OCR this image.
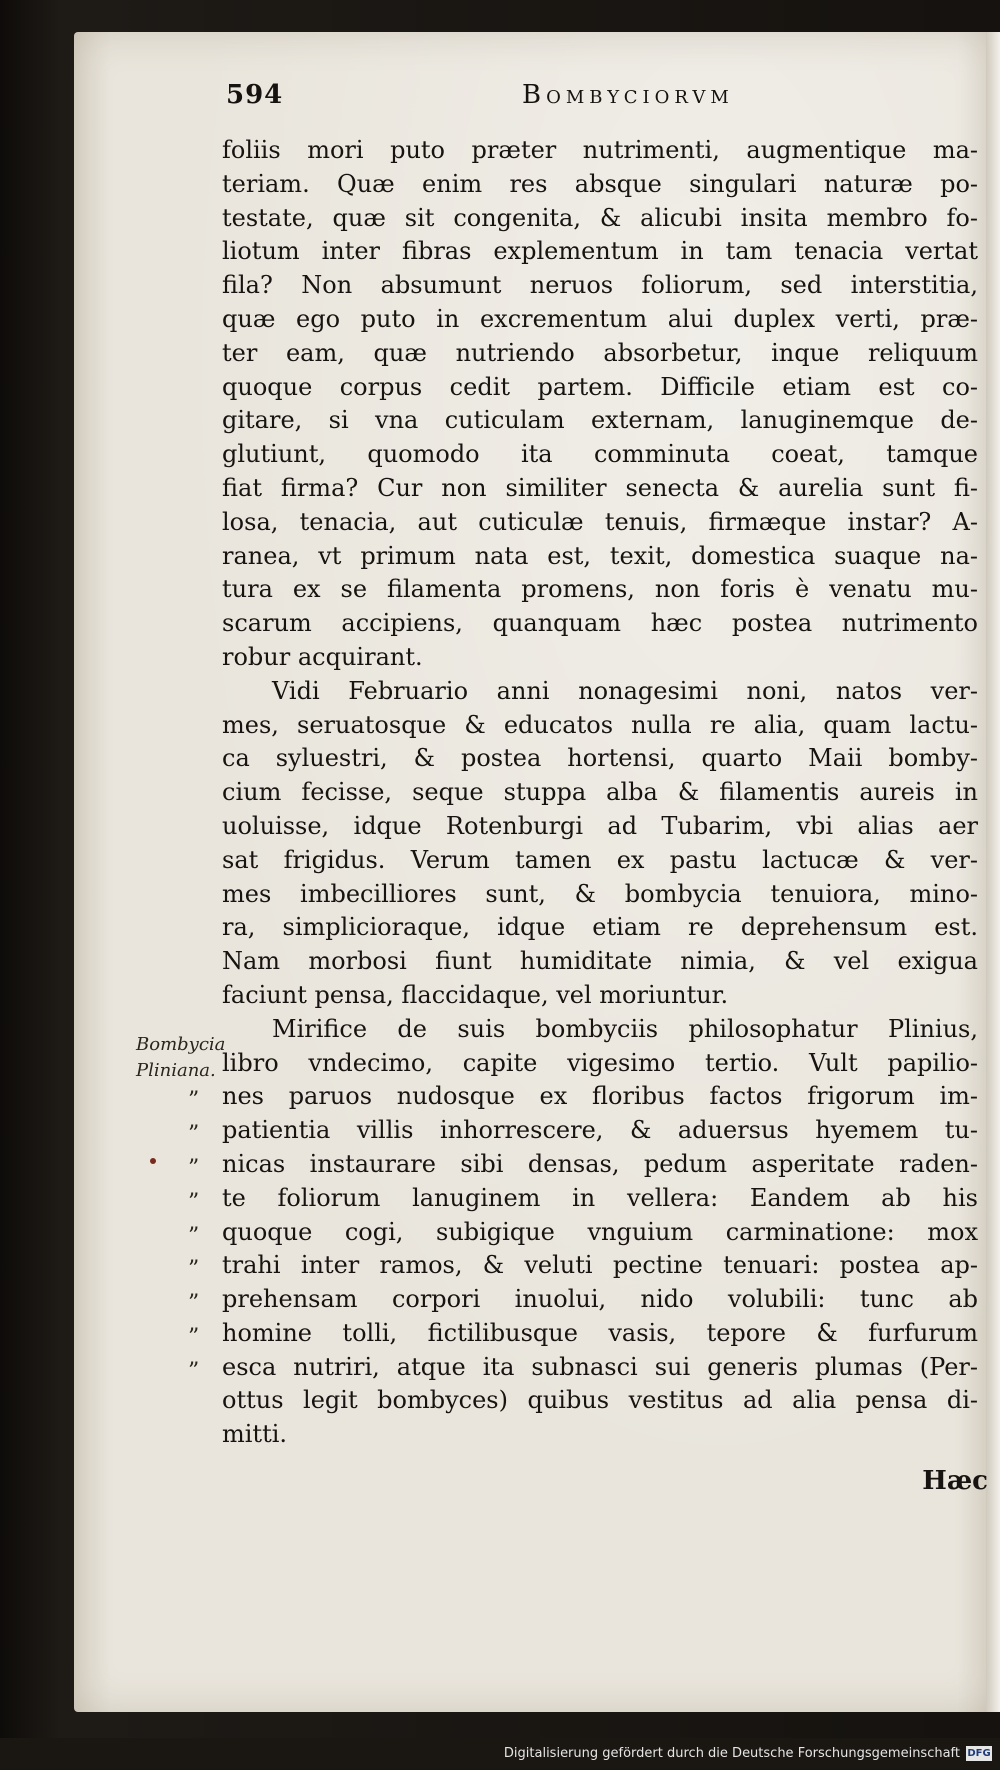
594	Bombyciorvm
foliis mori puto præter nutrimenti, augmentique ma-
teriam. Quæ enim res absque singulari naturæ po-
testate, quæ sit congenita, & alicubi insita membro fo-
liotum inter fibras explementum in tam tenacia vertat
fila? Non absumunt neruos foliorum, sed interstitia,
quæ ego puto in excrementum alui duplex verti, præ-
ter eam, quæ nutriendo absorbetur, inque reliquum
quoque corpus cedit partem. Difficile etiam est co-
gitare, si vna cuticulam externam, lanuginemque de-
glutiunt, quomodo ita comminuta coeat, tamque
fiat firma? Cur non similiter senecta & aurelia sunt fi-
losa, tenacia, aut cuticulæ tenuis, firmæque instar? A-
ranea, vt primum nata est, texit, domestica suaque na-
tura ex se filamenta promens, non foris è venatu mu-
scarum accipiens, quanquam hæc postea nutrimento
robur acquirant.
Vidi Februario anni nonagesimi noni, natos ver-
mes, seruatosque & educatos nulla re alia, quam lactu-
ca syluestri, & postea hortensi, quarto Maii bomby-
cium fecisse, seque stuppa alba & filamentis aureis in
uoluisse, idque Rotenburgi ad Tubarim, vbi alias aer
sat frigidus. Verum tamen ex pastu lactucæ & ver-
mes imbecilliores sunt, & bombycia tenuiora, mino-
ra, simplicioraque, idque etiam re deprehensum est.
Nam morbosi fiunt humiditate nimia, & vel exigua
faciunt pensa, flaccidaque, vel moriuntur.
Mirifice de suis bombyciis philosophatur Plinius,
libro vndecimo, capite vigesimo tertio. Vult papilio-
” nes paruos nudosque ex floribus factos frigorum im-
” patientia villis inhorrescere, & aduersus hyemem tu-
” nicas instaurare sibi densas, pedum asperitate raden-
” te foliorum lanuginem in vellera: Eandem ab his
” quoque cogi, subigique vnguium carminatione: mox
” trahi inter ramos, & veluti pectine tenuari: postea ap-
” prehensam corpori inuolui, nido volubili: tunc ab
” homine tolli, fictilibusque vasis, tepore & furfurum
” esca nutriri, atque ita subnasci sui generis plumas (Per-
ottus legit bombyces) quibus vestitus ad alia pensa di-
mitti.
Bombycia Pliniana.
Hæc
Digitalisierung gefördert durch die Deutsche Forschungsgemeinschaft DFG
